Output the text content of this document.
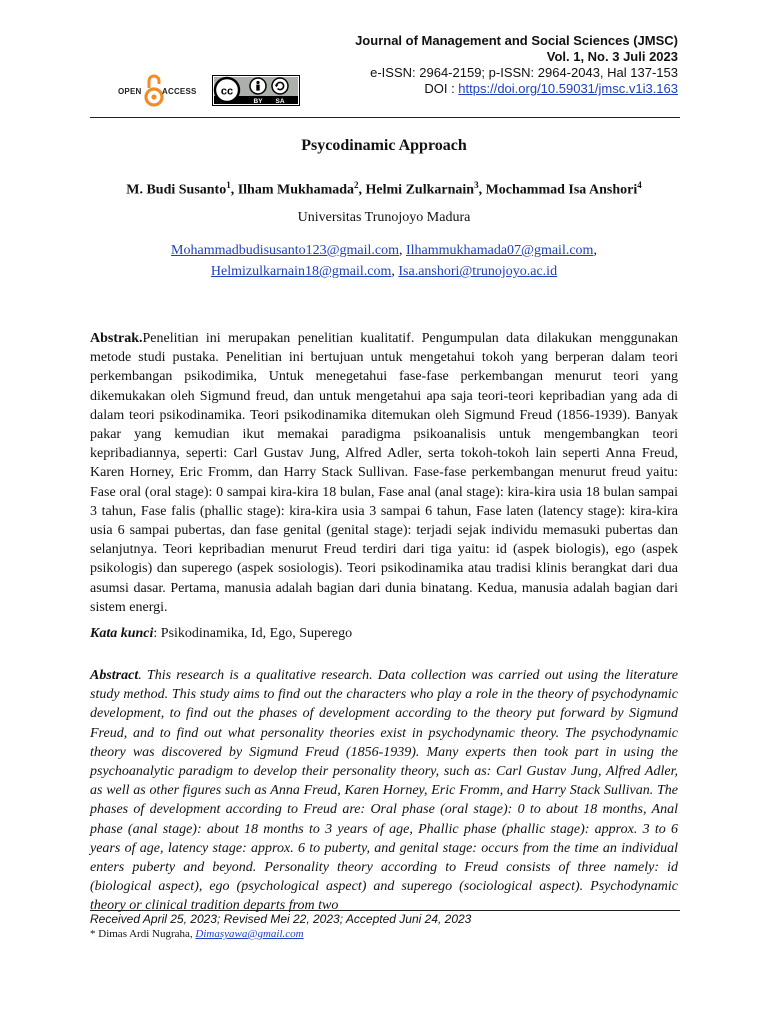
Journal of Management and Social Sciences (JMSC)
Vol. 1, No. 3 Juli 2023
e-ISSN: 2964-2159; p-ISSN: 2964-2043, Hal 137-153
DOI : https://doi.org/10.59031/jmsc.v1i3.163
OPEN	ACCESS cc
BY SA
Psycodinamic Approach
M. Budi Susanto$^1$, Ilham Mukhamada$^2$, Helmi Zulkarnain$^3$, Mochammad Isa Anshori$^4$
Universitas Trunojoyo Madura
Mohammadbudisusanto123@gmail.com, Ilhammukhamada07@gmail.com,
Helmizulkarnain18@gmail.com, Isa.anshori@trunojoyo.ac.id
Abstrak.Penelitian ini merupakan penelitian kualitatif. Pengumpulan data dilakukan menggunakan metode studi pustaka. Penelitian ini bertujuan untuk mengetahui tokoh yang berperan dalam teori perkembangan psikodimika, Untuk menegetahui fase-fase perkembangan menurut teori yang dikemukakan oleh Sigmund freud, dan untuk mengetahui apa saja teori-teori kepribadian yang ada di dalam teori psikodinamika. Teori psikodinamika ditemukan oleh Sigmund Freud (1856-1939). Banyak pakar yang kemudian ikut memakai paradigma psikoanalisis untuk mengembangkan teori kepribadiannya, seperti: Carl Gustav Jung, Alfred Adler, serta tokoh-tokoh lain seperti Anna Freud, Karen Horney, Eric Fromm, dan Harry Stack Sullivan. Fase-fase perkembangan menurut freud yaitu: Fase oral (oral stage): 0 sampai kira-kira 18 bulan, Fase anal (anal stage): kira-kira usia 18 bulan sampai 3 tahun, Fase falis (phallic stage): kira-kira usia 3 sampai 6 tahun, Fase laten (latency stage): kira-kira usia 6 sampai pubertas, dan fase genital (genital stage): terjadi sejak individu memasuki pubertas dan selanjutnya. Teori kepribadian menurut Freud terdiri dari tiga yaitu: id (aspek biologis), ego (aspek psikologis) dan superego (aspek sosiologis). Teori psikodinamika atau tradisi klinis berangkat dari dua asumsi dasar. Pertama, manusia adalah bagian dari dunia binatang. Kedua, manusia adalah bagian dari sistem energi.
Kata kunci: Psikodinamika, Id, Ego, Superego
Abstract. This research is a qualitative research. Data collection was carried out using the literature study method. This study aims to find out the characters who play a role in the theory of psychodynamic development, to find out the phases of development according to the theory put forward by Sigmund Freud, and to find out what personality theories exist in psychodynamic theory. The psychodynamic theory was discovered by Sigmund Freud (1856-1939). Many experts then took part in using the psychoanalytic paradigm to develop their personality theory, such as: Carl Gustav Jung, Alfred Adler, as well as other figures such as Anna Freud, Karen Horney, Eric Fromm, and Harry Stack Sullivan. The phases of development according to Freud are: Oral phase (oral stage): 0 to about 18 months, Anal phase (anal stage): about 18 months to 3 years of age, Phallic phase (phallic stage): approx. 3 to 6 years of age, latency stage: approx. 6 to puberty, and genital stage: occurs from the time an individual enters puberty and beyond. Personality theory according to Freud consists of three namely: id (biological aspect), ego (psychological aspect) and superego (sociological aspect). Psychodynamic theory or clinical tradition departs from two
Received April 25, 2023; Revised Mei 22, 2023; Accepted Juni 24, 2023
* Dimas Ardi Nugraha, Dimasyawa@gmail.com
